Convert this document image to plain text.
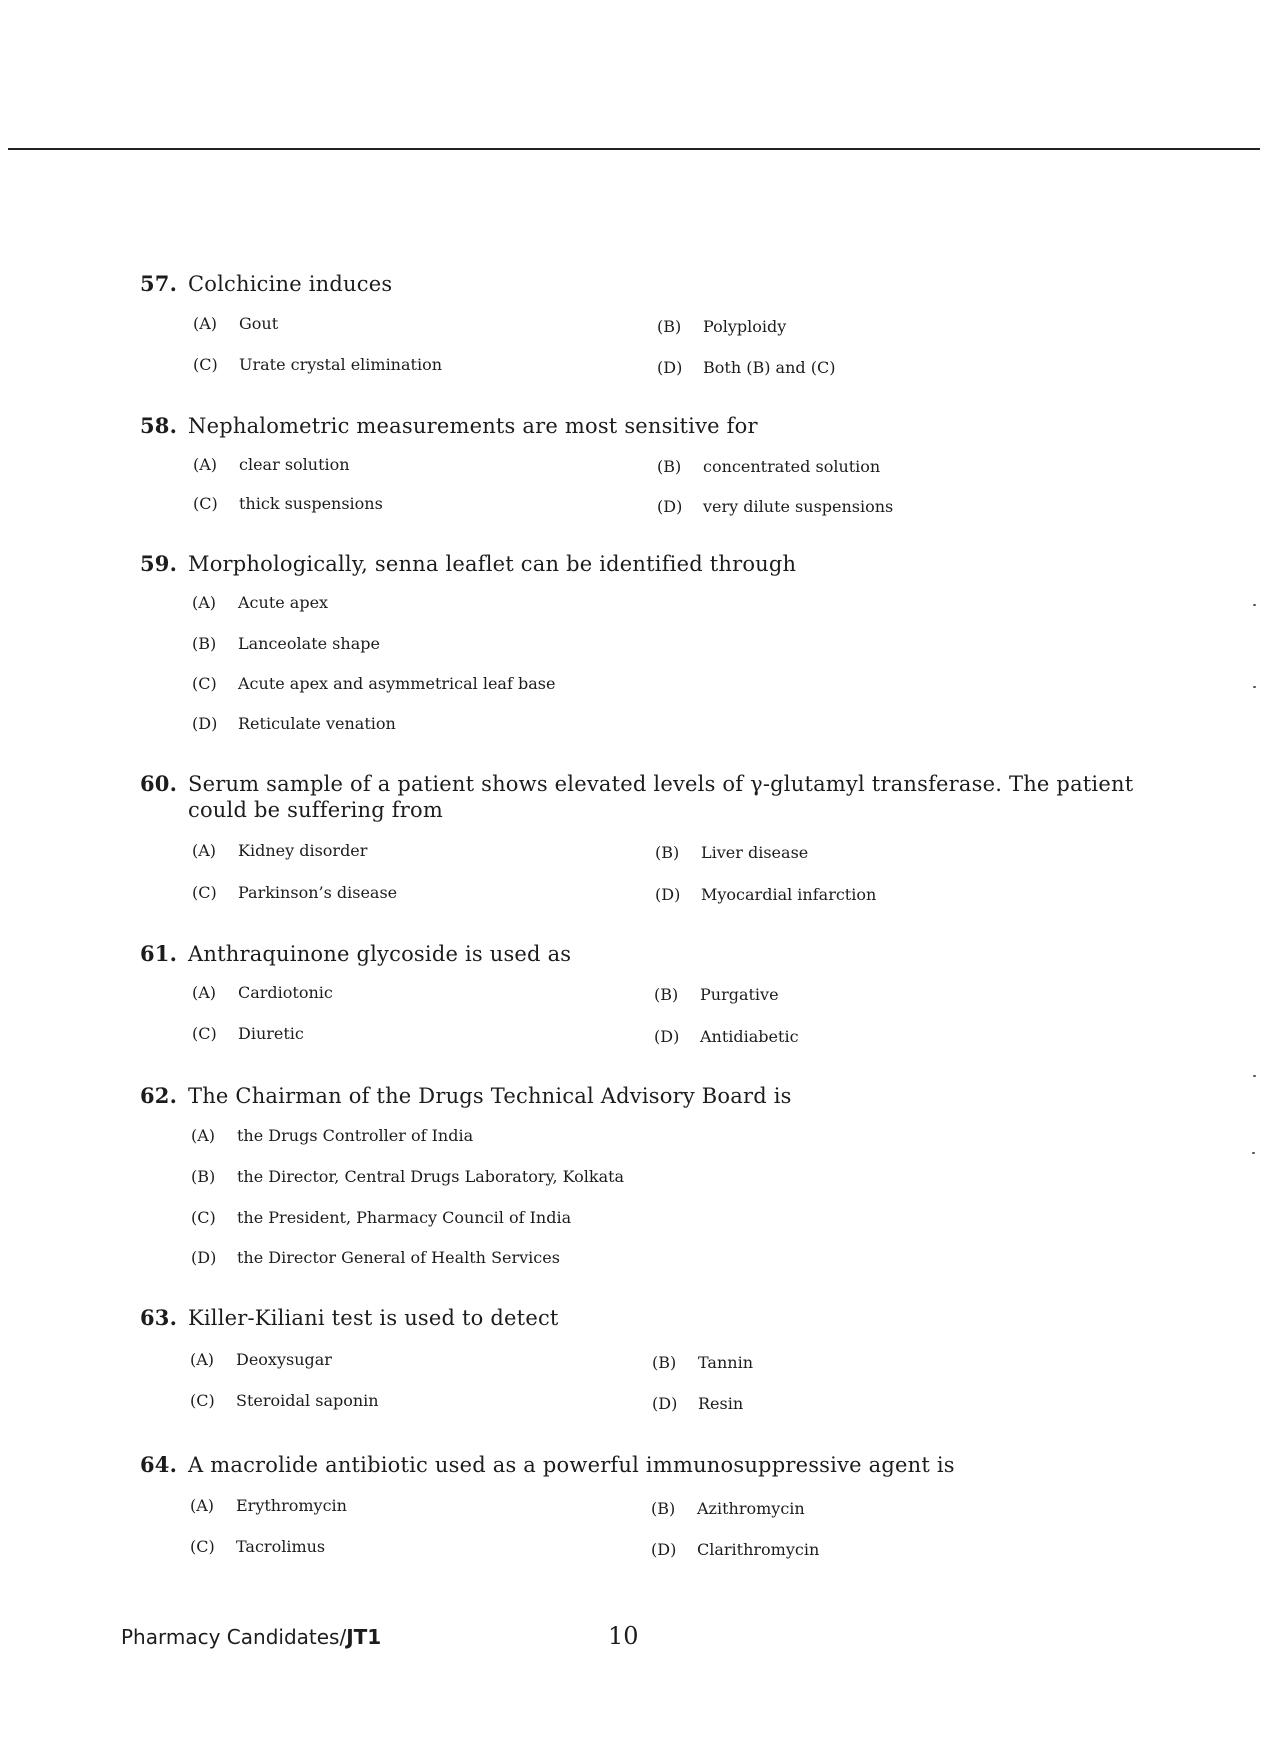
57. Colchicine induces
(A) Gout	(B) Polyploidy
(C) Urate crystal elimination	(D) Both (B) and (C)
58. Nephalometric measurements are most sensitive for
(A) clear solution	(B) concentrated solution
(C) thick suspensions	(D) very dilute suspensions
59. Morphologically, senna leaflet can be identified through
(A) Acute apex
(B) Lanceolate shape
(C) Acute apex and asymmetrical leaf base
(D) Reticulate venation
60. Serum sample of a patient shows elevated levels of γ-glutamyl transferase. The patient could be suffering from
(A) Kidney disorder	(B) Liver disease
(C) Parkinson’s disease	(D) Myocardial infarction
61. Anthraquinone glycoside is used as
(A) Cardiotonic	(B) Purgative
(C) Diuretic	(D) Antidiabetic
62. The Chairman of the Drugs Technical Advisory Board is
(A) the Drugs Controller of India
(B) the Director, Central Drugs Laboratory, Kolkata
(C) the President, Pharmacy Council of India
(D) the Director General of Health Services
63. Killer-Kiliani test is used to detect
(A) Deoxysugar	(B) Tannin
(C) Steroidal saponin	(D) Resin
64. A macrolide antibiotic used as a powerful immunosuppressive agent is
(A) Erythromycin	(B) Azithromycin
(C) Tacrolimus	(D) Clarithromycin
Pharmacy Candidates/JT1	10
